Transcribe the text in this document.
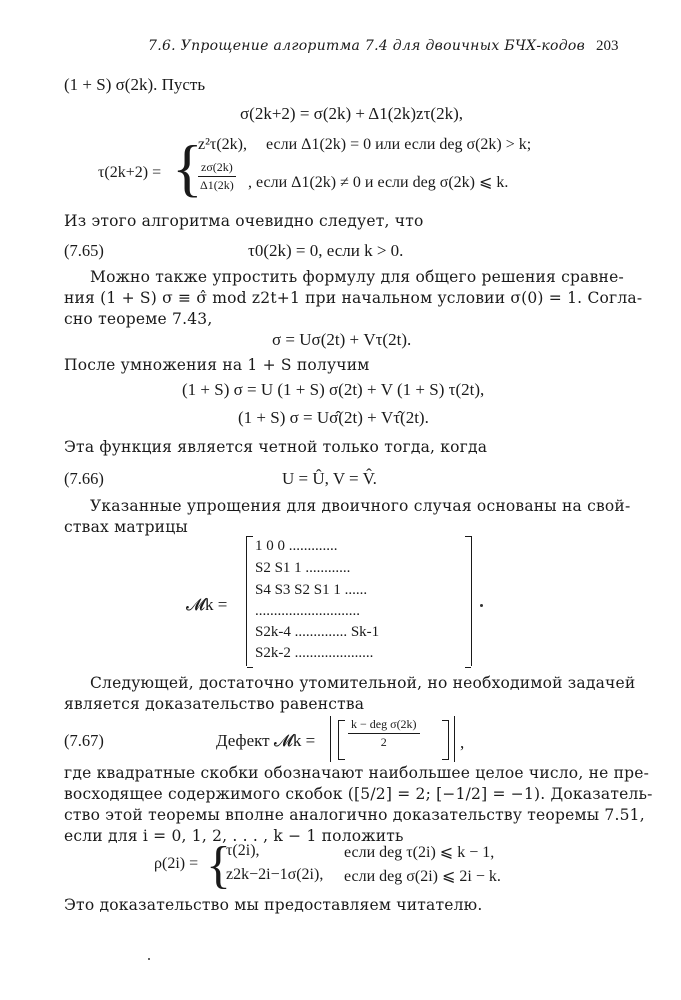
7.6. Упрощение алгоритма 7.4 для двоичных БЧХ-кодов 203
(1 + S) σ(2k). Пусть
σ(2k+2) = σ(2k) + Δ1(2k)zτ(2k),
τ(2k+2) = {
z²τ(2k), если Δ1(2k) = 0 или если deg σ(2k) > k;
$\frac{z\sigma(2k)}{\Delta 1(2k)}$ , если Δ1(2k) ≠ 0 и если deg σ(2k) ⩽ k.
Из этого алгоритма очевидно следует, что
(7.65)	τ0(2k) = 0, если k > 0.
Можно также упростить формулу для общего решения сравне-
ния (1 + S) σ ≡ σ̂ mod z2t+1 при начальном условии σ(0) = 1. Согла-
сно теореме 7.43,
σ = Uσ(2t) + Vτ(2t).
После умножения на 1 + S получим
(1 + S) σ = U (1 + S) σ(2t) + V (1 + S) τ(2t),
(1 + S) σ = Uσ̂(2t) + Vτ̂(2t).
Эта функция является четной только тогда, когда
(7.66)	U = Û, V = V̂.
Указанные упрощения для двоичного случая основаны на свой-
ствах матрицы
𝓜k =
1 0 0 .............
S2 S1 1 ............
S4 S3 S2 S1 1 ......
............................
S2k-4 .............. Sk-1
S2k-2 .....................
Следующей, достаточно утомительной, но необходимой задачей
является доказательство равенства
(7.67)	Дефект 𝓜k =	$\frac{\text{k − deg σ(2k)}}{2}$ ,
где квадратные скобки обозначают наибольшее целое число, не пре-
восходящее содержимого скобок ([5/2] = 2; [−1/2] = −1). Доказатель-
ство этой теоремы вполне аналогично доказательству теоремы 7.51,
если для i = 0, 1, 2, . . . , k − 1 положить
ρ(2i) = {
τ(2i),	если deg τ(2i) ⩽ k − 1,
z2k−2i−1σ(2i), если deg σ(2i) ⩽ 2i − k.
Это доказательство мы предоставляем читателю.
